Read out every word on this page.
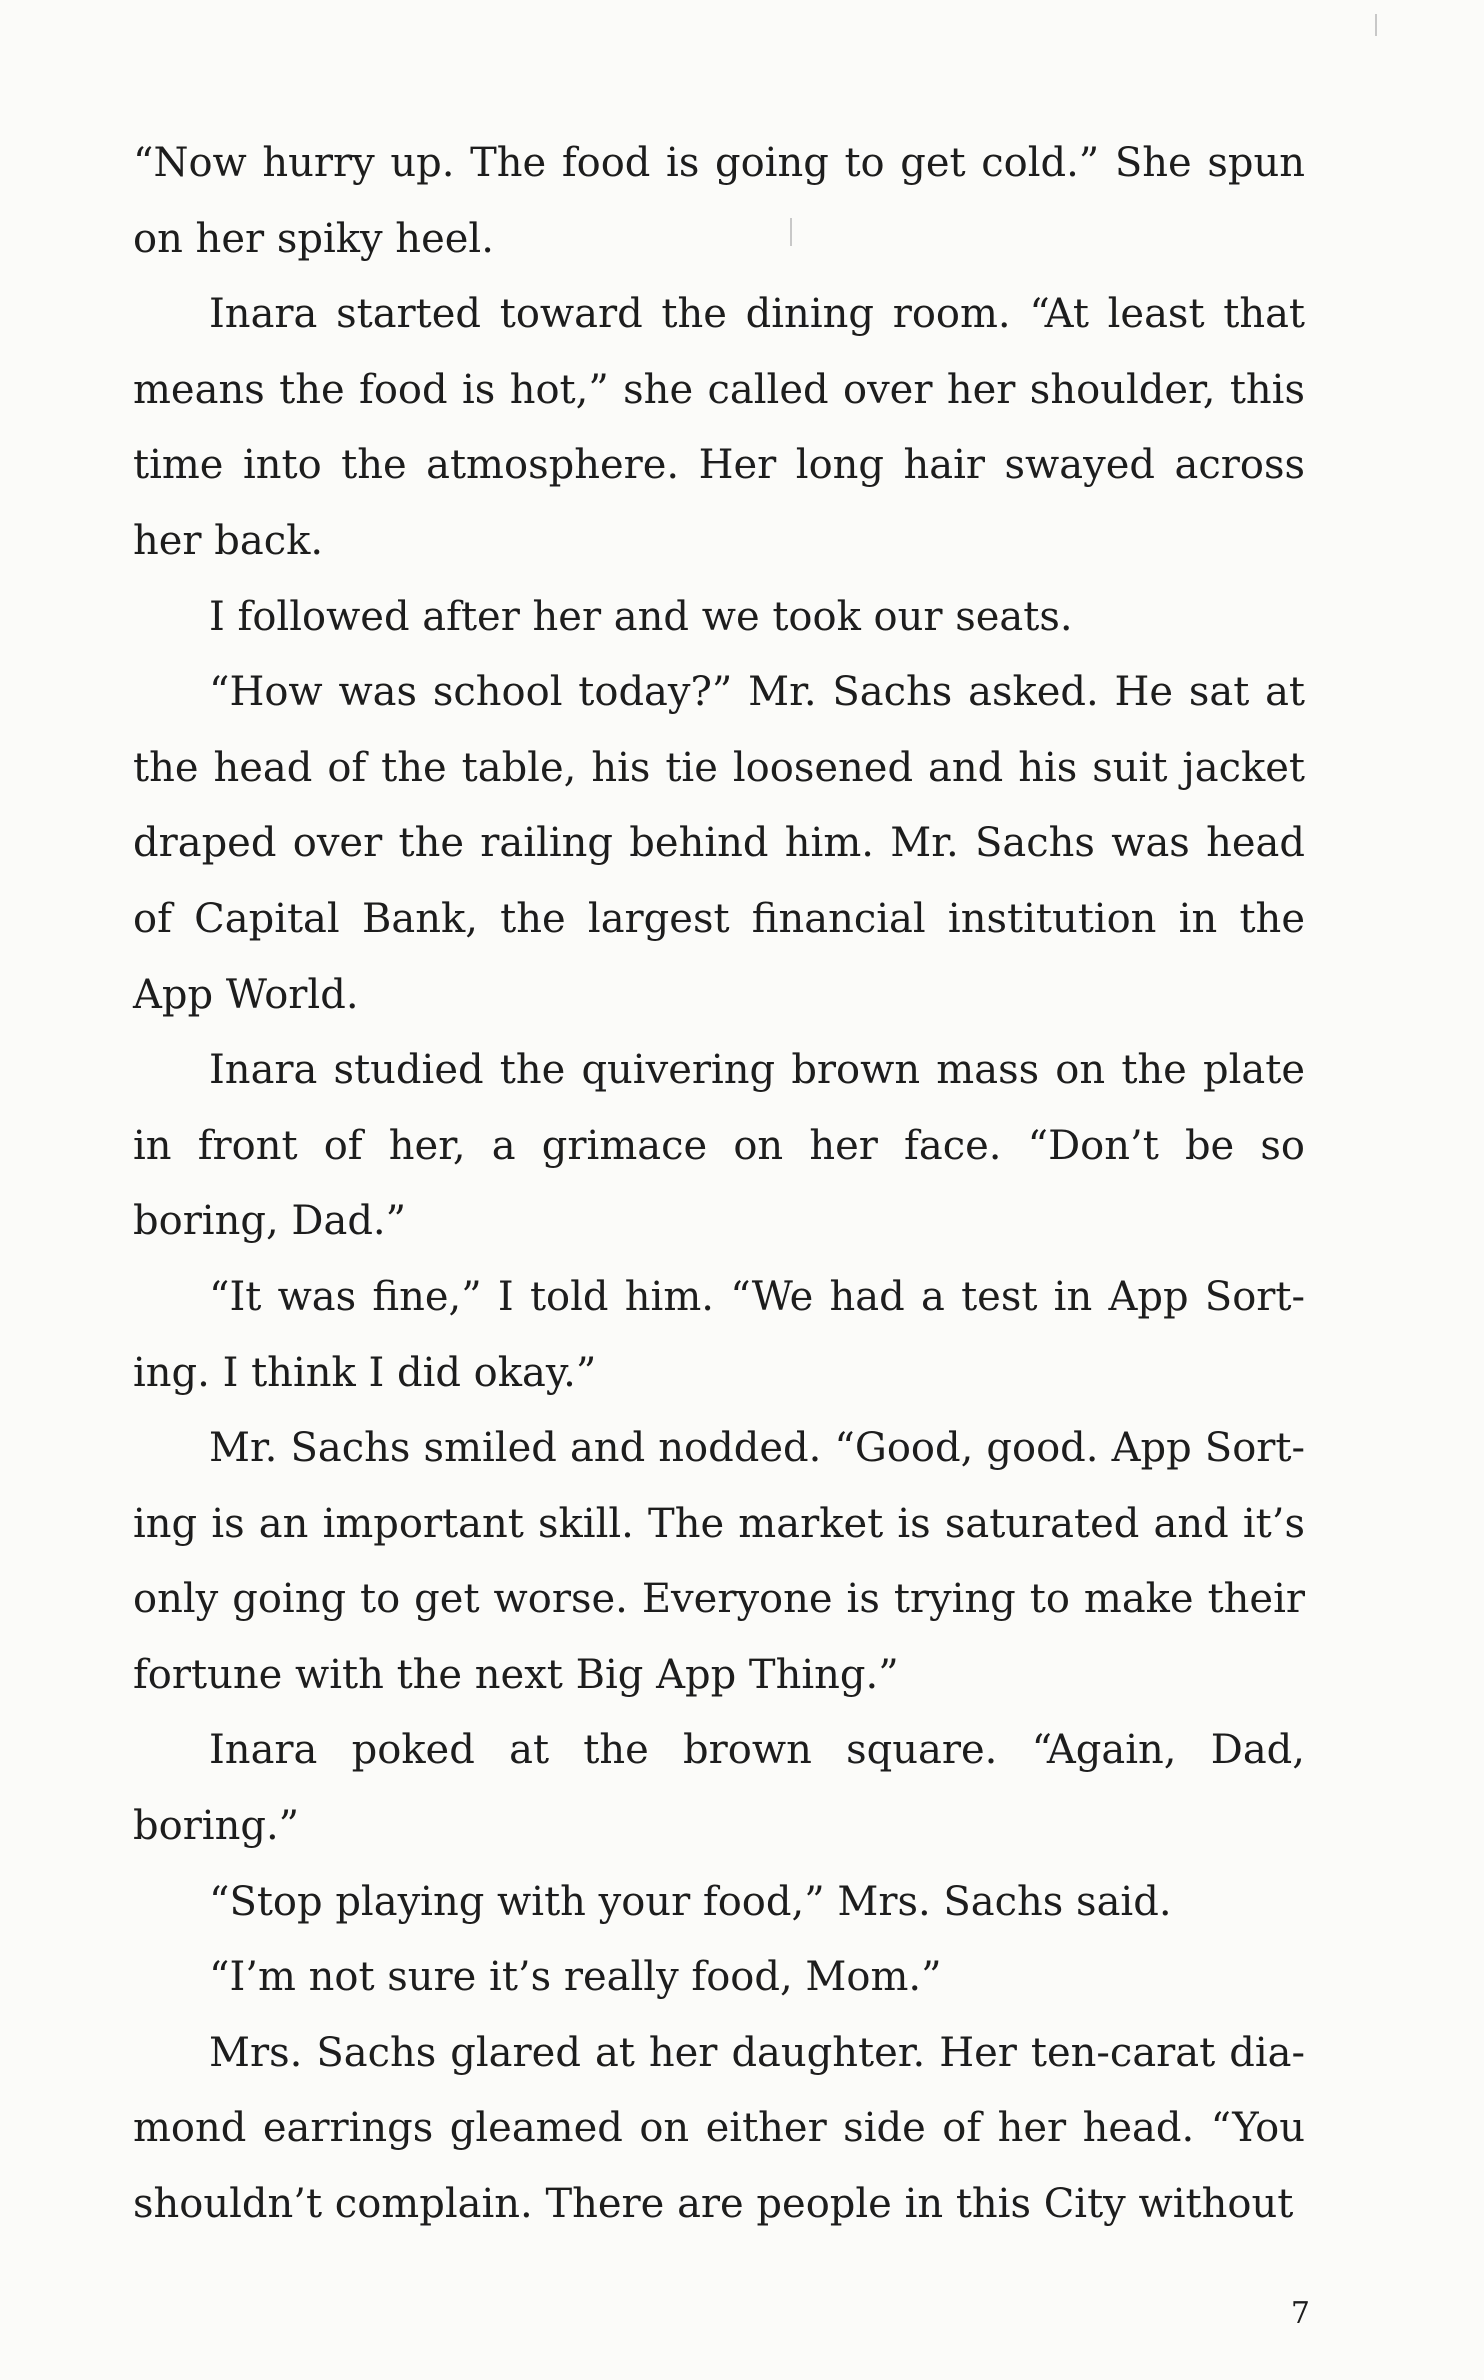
“Now hurry up. The food is going to get cold.” She spun on her spiky heel.

Inara started toward the dining room. “At least that means the food is hot,” she called over her shoulder, this time into the atmosphere. Her long hair swayed across her back.

I followed after her and we took our seats.

“How was school today?” Mr. Sachs asked. He sat at the head of the table, his tie loosened and his suit jacket draped over the railing behind him. Mr. Sachs was head of Capital Bank, the largest financial institution in the App World.

Inara studied the quivering brown mass on the plate in front of her, a grimace on her face. “Don’t be so boring, Dad.”

“It was fine,” I told him. “We had a test in App Sorting. I think I did okay.”

Mr. Sachs smiled and nodded. “Good, good. App Sorting is an important skill. The market is saturated and it’s only going to get worse. Everyone is trying to make their fortune with the next Big App Thing.”

Inara poked at the brown square. “Again, Dad, boring.”

“Stop playing with your food,” Mrs. Sachs said.

“I’m not sure it’s really food, Mom.”

Mrs. Sachs glared at her daughter. Her ten-carat diamond earrings gleamed on either side of her head. “You shouldn’t complain. There are people in this City without

7
